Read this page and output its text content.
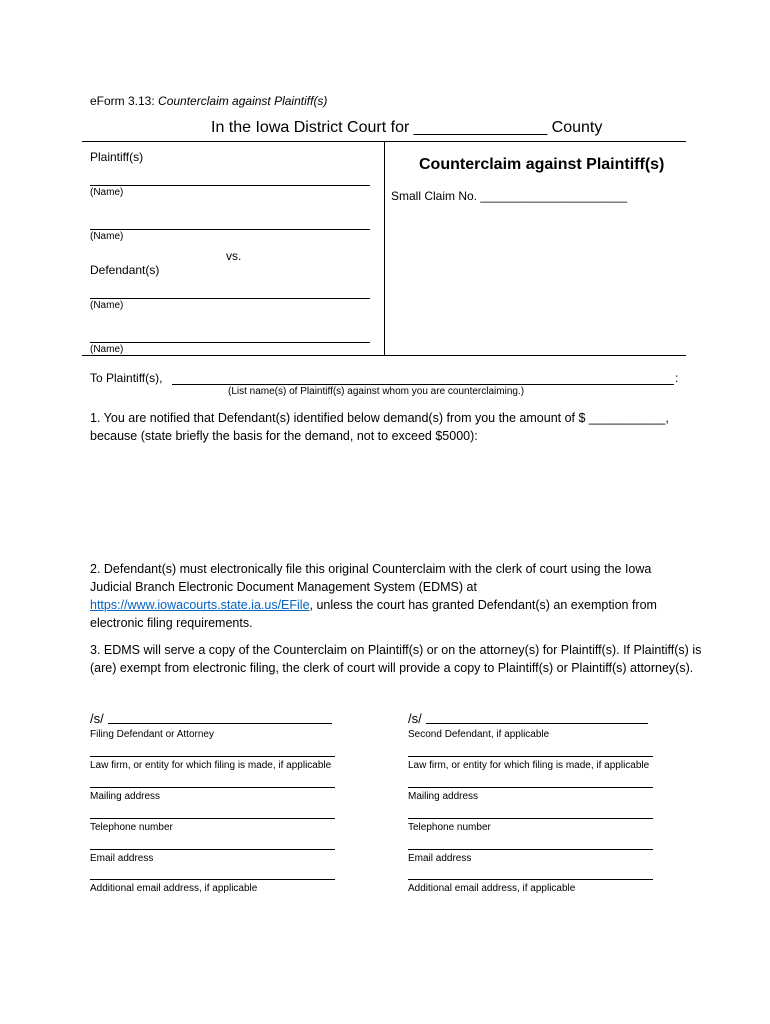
eForm 3.13: Counterclaim against Plaintiff(s)
In the Iowa District Court for _______________ County
Plaintiff(s)
(Name)
(Name)
vs.
Defendant(s)
(Name)
(Name)
Counterclaim against Plaintiff(s)
Small Claim No. ______________________
To Plaintiff(s),	:
(List name(s) of Plaintiff(s) against whom you are counterclaiming.)
1. You are notified that Defendant(s) identified below demand(s) from you the amount of $ ___________, because (state briefly the basis for the demand, not to exceed $5000):
2. Defendant(s) must electronically file this original Counterclaim with the clerk of court using the Iowa Judicial Branch Electronic Document Management System (EDMS) at https://www.iowacourts.state.ia.us/EFile, unless the court has granted Defendant(s) an exemption from electronic filing requirements.
3. EDMS will serve a copy of the Counterclaim on Plaintiff(s) or on the attorney(s) for Plaintiff(s). If Plaintiff(s) is (are) exempt from electronic filing, the clerk of court will provide a copy to Plaintiff(s) or Plaintiff(s) attorney(s).
/s/
Filing Defendant or Attorney
Law firm, or entity for which filing is made, if applicable
Mailing address
Telephone number
Email address
Additional email address, if applicable
/s/
Second Defendant, if applicable
Law firm, or entity for which filing is made, if applicable
Mailing address
Telephone number
Email address
Additional email address, if applicable
